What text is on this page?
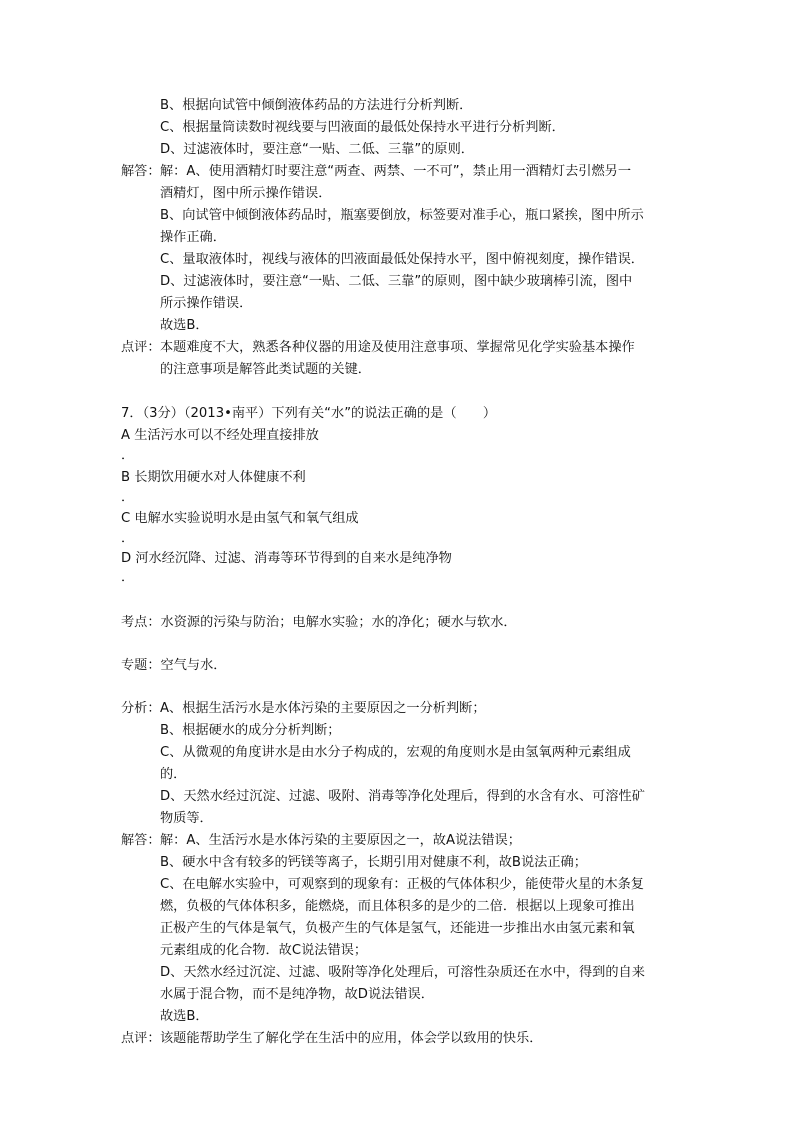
B、根据向试管中倾倒液体药品的方法进行分析判断．
C、根据量筒读数时视线要与凹液面的最低处保持水平进行分析判断．
D、过滤液体时，要注意“一贴、二低、三靠”的原则．
解答： 解：A、使用酒精灯时要注意“两查、两禁、一不可”，禁止用一酒精灯去引燃另一
酒精灯，图中所示操作错误．
B、向试管中倾倒液体药品时，瓶塞要倒放，标签要对准手心，瓶口紧挨，图中所示
操作正确．
C、量取液体时，视线与液体的凹液面最低处保持水平，图中俯视刻度，操作错误．
D、过滤液体时，要注意“一贴、二低、三靠”的原则，图中缺少玻璃棒引流，图中
所示操作错误．
故选B．
点评： 本题难度不大，熟悉各种仪器的用途及使用注意事项、掌握常见化学实验基本操作
的注意事项是解答此类试题的关键．
7．（3分）（2013•南平）下列有关“水”的说法正确的是（　　）
A 生活污水可以不经处理直接排放
．
B 长期饮用硬水对人体健康不利
．
C 电解水实验说明水是由氢气和氧气组成
．
D 河水经沉降、过滤、消毒等环节得到的自来水是纯净物
．
考点：水资源的污染与防治；电解水实验；水的净化；硬水与软水．
专题：空气与水．
分析： A、根据生活污水是水体污染的主要原因之一分析判断；
B、根据硬水的成分分析判断；
C、从微观的角度讲水是由水分子构成的，宏观的角度则水是由氢氧两种元素组成
的．
D、天然水经过沉淀、过滤、吸附、消毒等净化处理后，得到的水含有水、可溶性矿
物质等．
解答： 解：A、生活污水是水体污染的主要原因之一，故A说法错误；
B、硬水中含有较多的钙镁等离子，长期引用对健康不利，故B说法正确；
C、在电解水实验中，可观察到的现象有：正极的气体体积少，能使带火星的木条复
燃，负极的气体体积多，能燃烧，而且体积多的是少的二倍．根据以上现象可推出
正极产生的气体是氧气，负极产生的气体是氢气，还能进一步推出水由氢元素和氧
元素组成的化合物．故C说法错误；
D、天然水经过沉淀、过滤、吸附等净化处理后，可溶性杂质还在水中，得到的自来
水属于混合物，而不是纯净物，故D说法错误．
故选B．
点评： 该题能帮助学生了解化学在生活中的应用，体会学以致用的快乐．
